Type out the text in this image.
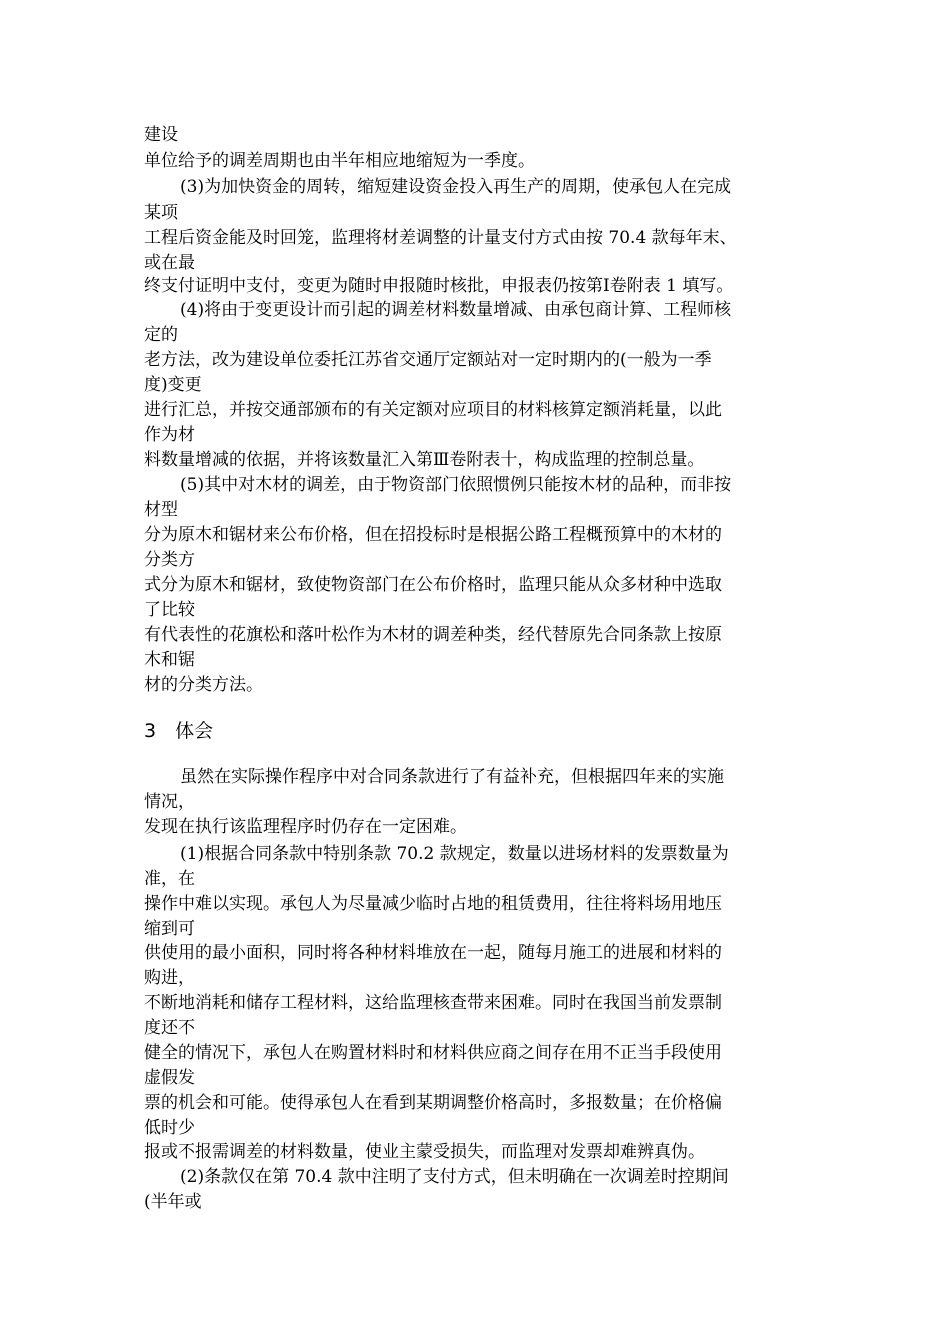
建设
单位给予的调差周期也由半年相应地缩短为一季度。
(3)为加快资金的周转，缩短建设资金投入再生产的周期，使承包人在完成
某项
工程后资金能及时回笼，监理将材差调整的计量支付方式由按 70.4 款每年末、
或在最
终支付证明中支付，变更为随时申报随时核批，申报表仍按第Ⅰ卷附表 1 填写。
(4)将由于变更设计而引起的调差材料数量增减、由承包商计算、工程师核
定的
老方法，改为建设单位委托江苏省交通厅定额站对一定时期内的(一般为一季
度)变更
进行汇总，并按交通部颁布的有关定额对应项目的材料核算定额消耗量，以此
作为材
料数量增减的依据，并将该数量汇入第Ⅲ卷附表十，构成监理的控制总量。
(5)其中对木材的调差，由于物资部门依照惯例只能按木材的品种，而非按
材型
分为原木和锯材来公布价格，但在招投标时是根据公路工程概预算中的木材的
分类方
式分为原木和锯材，致使物资部门在公布价格时，监理只能从众多材种中选取
了比较
有代表性的花旗松和落叶松作为木材的调差种类，经代替原先合同条款上按原
木和锯
材的分类方法。
3　体会
虽然在实际操作程序中对合同条款进行了有益补充，但根据四年来的实施
情况，
发现在执行该监理程序时仍存在一定困难。
(1)根据合同条款中特别条款 70.2 款规定，数量以进场材料的发票数量为
准，在
操作中难以实现。承包人为尽量减少临时占地的租赁费用，往往将料场用地压
缩到可
供使用的最小面积，同时将各种材料堆放在一起，随每月施工的进展和材料的
购进，
不断地消耗和储存工程材料，这给监理核查带来困难。同时在我国当前发票制
度还不
健全的情况下，承包人在购置材料时和材料供应商之间存在用不正当手段使用
虚假发
票的机会和可能。使得承包人在看到某期调整价格高时，多报数量；在价格偏
低时少
报或不报需调差的材料数量，使业主蒙受损失，而监理对发票却难辨真伪。
(2)条款仅在第 70.4 款中注明了支付方式，但未明确在一次调差时控期间
(半年或
